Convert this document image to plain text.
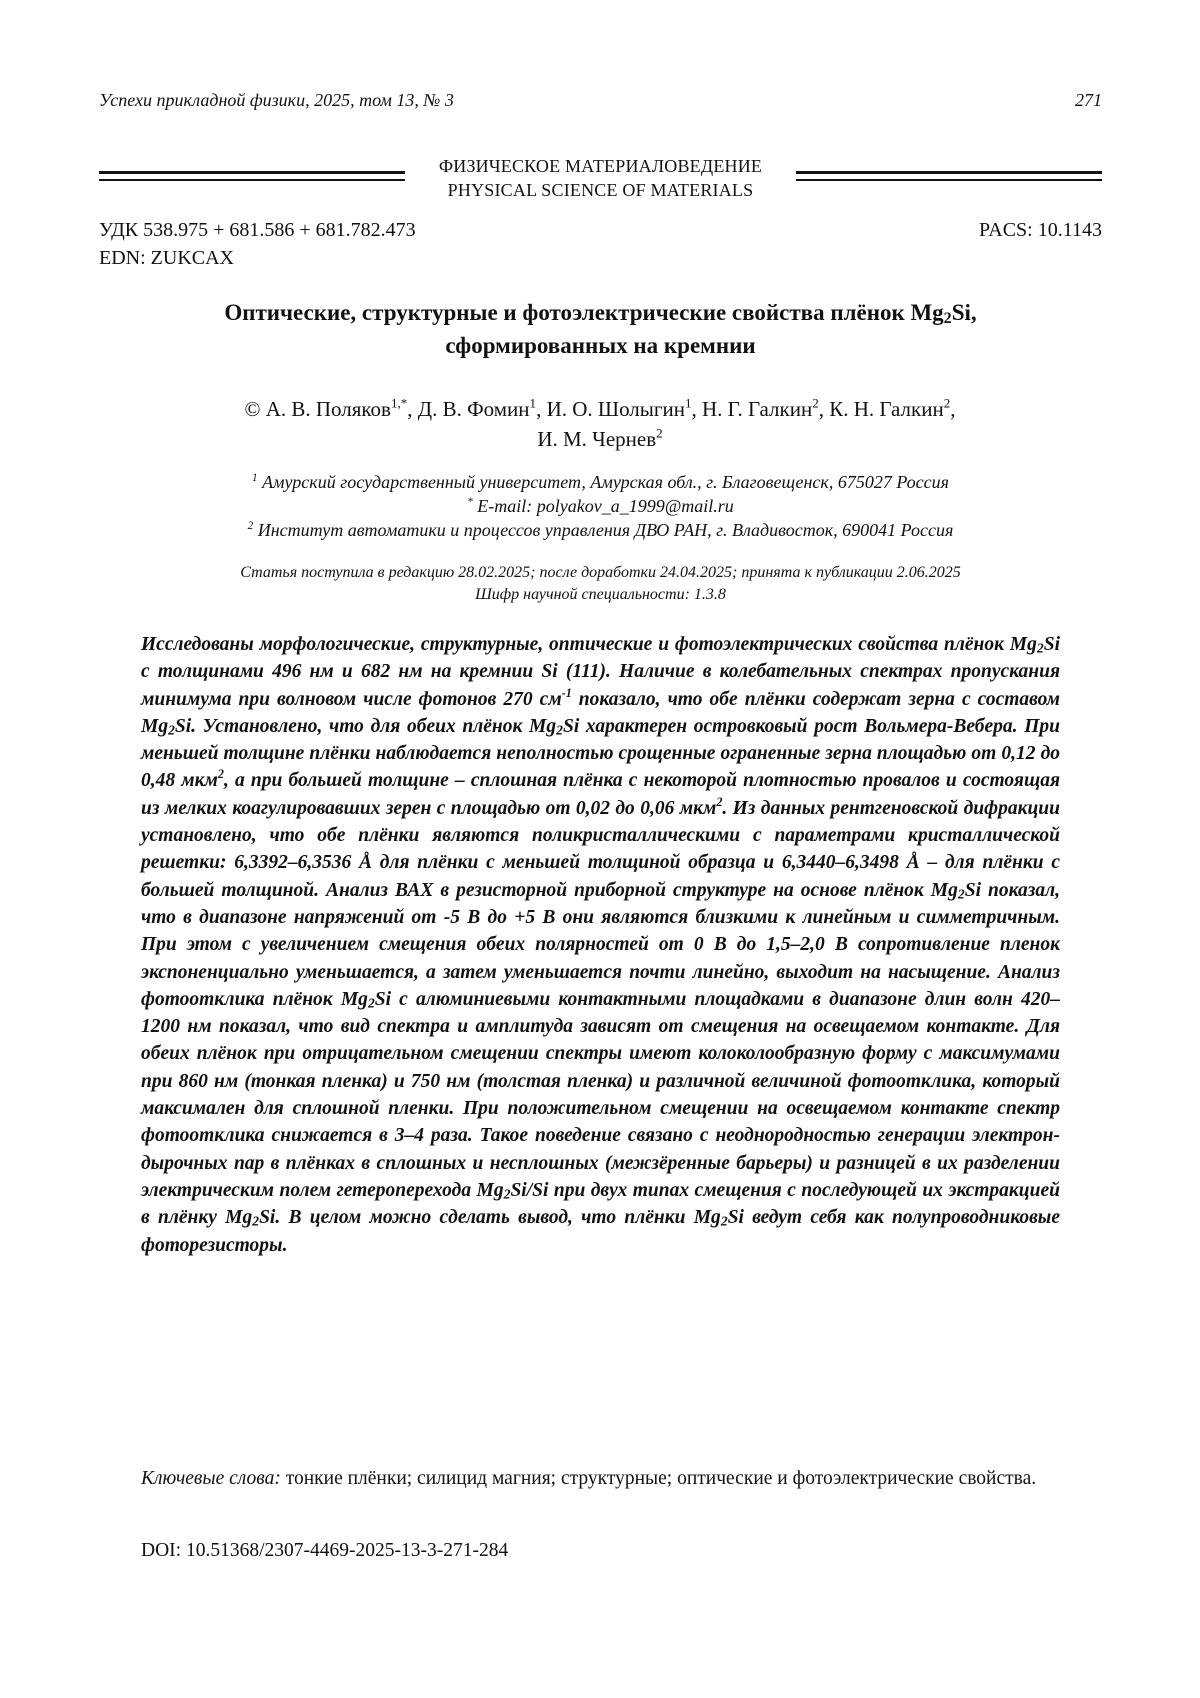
Успехи прикладной физики, 2025, том 13, № 3	271
ФИЗИЧЕСКОЕ МАТЕРИАЛОВЕДЕНИЕ
PHYSICAL SCIENCE OF MATERIALS
УДК 538.975 + 681.586 + 681.782.473
EDN: ZUKCAX
PACS: 10.1143
Оптические, структурные и фотоэлектрические свойства плёнок $Mg_2Si$,
сформированных на кремнии
© А. В. Поляков$^{1,*}$, Д. В. Фомин$^1$, И. О. Шолыгин$^1$, Н. Г. Галкин$^2$, К. Н. Галкин$^2$,
И. М. Чернев$^2$
$^1$ Амурский государственный университет, Амурская обл., г. Благовещенск, 675027 Россия
* E-mail: polyakov_a_1999@mail.ru
$^2$ Институт автоматики и процессов управления ДВО РАН, г. Владивосток, 690041 Россия
Статья поступила в редакцию 28.02.2025; после доработки 24.04.2025; принята к публикации 2.06.2025
Шифр научной специальности: 1.3.8
Исследованы морфологические, структурные, оптические и фотоэлектрических свойства плёнок $Mg_2Si$ с толщинами 496 нм и 682 нм на кремнии Si (111). Наличие в колебательных спектрах пропускания минимума при волновом числе фотонов 270 $см^{-1}$ показало, что обе плёнки содержат зерна с составом $Mg_2Si$. Установлено, что для обеих плёнок $Mg_2Si$ характерен островковый рост Вольмера-Вебера. При меньшей толщине плёнки наблюдается неполностью срощенные ограненные зерна площадью от 0,12 до 0,48 мкм$^2$, а при большей толщине – сплошная плёнка с некоторой плотностью провалов и состоящая из мелких коагулировавших зерен с площадью от 0,02 до 0,06 мкм$^2$. Из данных рентгеновской дифракции установлено, что обе плёнки являются поликристаллическими с параметрами кристаллической решетки: 6,3392–6,3536 Å для плёнки с меньшей толщиной образца и 6,3440–6,3498 Å – для плёнки с большей толщиной. Анализ ВАХ в резисторной приборной структуре на основе плёнок $Mg_2Si$ показал, что в диапазоне напряжений от -5 В до +5 В они являются близкими к линейным и симметричным. При этом с увеличением смещения обеих полярностей от 0 В до 1,5–2,0 В сопротивление пленок экспоненциально уменьшается, а затем уменьшается почти линейно, выходит на насыщение. Анализ фотоотклика плёнок $Mg_2Si$ с алюминиевыми контактными площадками в диапазоне длин волн 420–1200 нм показал, что вид спектра и амплитуда зависят от смещения на освещаемом контакте. Для обеих плёнок при отрицательном смещении спектры имеют колоколообразную форму с максимумами при 860 нм (тонкая пленка) и 750 нм (толстая пленка) и различной величиной фотоотклика, который максимален для сплошной пленки. При положительном смещении на освещаемом контакте спектр фотоотклика снижается в 3–4 раза. Такое поведение связано с неоднородностью генерации электрон-дырочных пар в плёнках в сплошных и несплошных (межзёренные барьеры) и разницей в их разделении электрическим полем гетероперехода $Mg_2Si/Si$ при двух типах смещения с последующей их экстракцией в плёнку $Mg_2Si$. В целом можно сделать вывод, что плёнки $Mg_2Si$ ведут себя как полупроводниковые фоторезисторы.
Ключевые слова: тонкие плёнки; силицид магния; структурные; оптические и фотоэлектрические свойства.
DOI: 10.51368/2307-4469-2025-13-3-271-284
